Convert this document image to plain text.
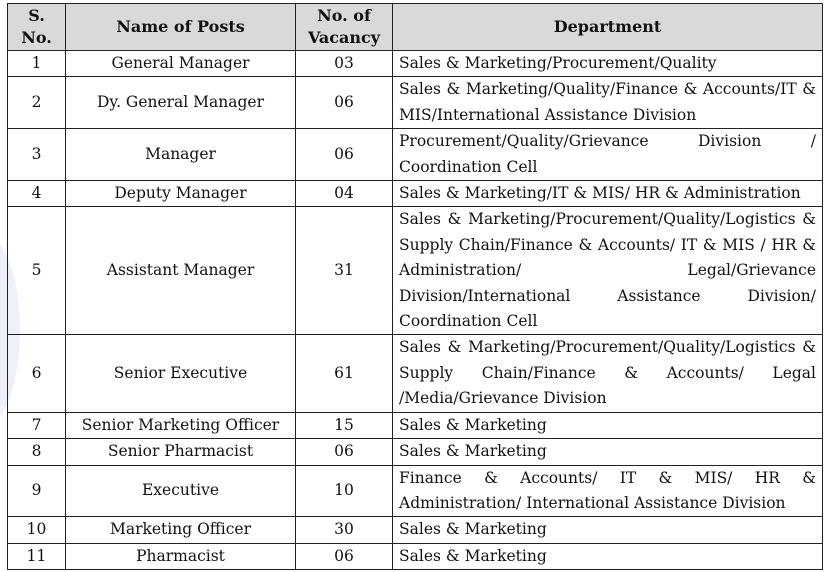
S. No.	Name of Posts	No. of Vacancy	Department
1	General Manager	03	Sales & Marketing/Procurement/Quality
2	Dy. General Manager	06	Sales & Marketing/Quality/Finance & Accounts/IT & MIS/International Assistance Division
3	Manager	06	Procurement/Quality/Grievance Division / Coordination Cell
4	Deputy Manager	04	Sales & Marketing/IT & MIS/ HR & Administration
5	Assistant Manager	31	Sales & Marketing/Procurement/Quality/Logistics & Supply Chain/Finance & Accounts/ IT & MIS / HR & Administration/ Legal/Grievance Division/International Assistance Division/ Coordination Cell
6	Senior Executive	61	Sales & Marketing/Procurement/Quality/Logistics & Supply Chain/Finance & Accounts/ Legal /Media/Grievance Division
7	Senior Marketing Officer	15	Sales & Marketing
8	Senior Pharmacist	06	Sales & Marketing
9	Executive	10	Finance & Accounts/ IT & MIS/ HR & Administration/ International Assistance Division
10	Marketing Officer	30	Sales & Marketing
11	Pharmacist	06	Sales & Marketing
